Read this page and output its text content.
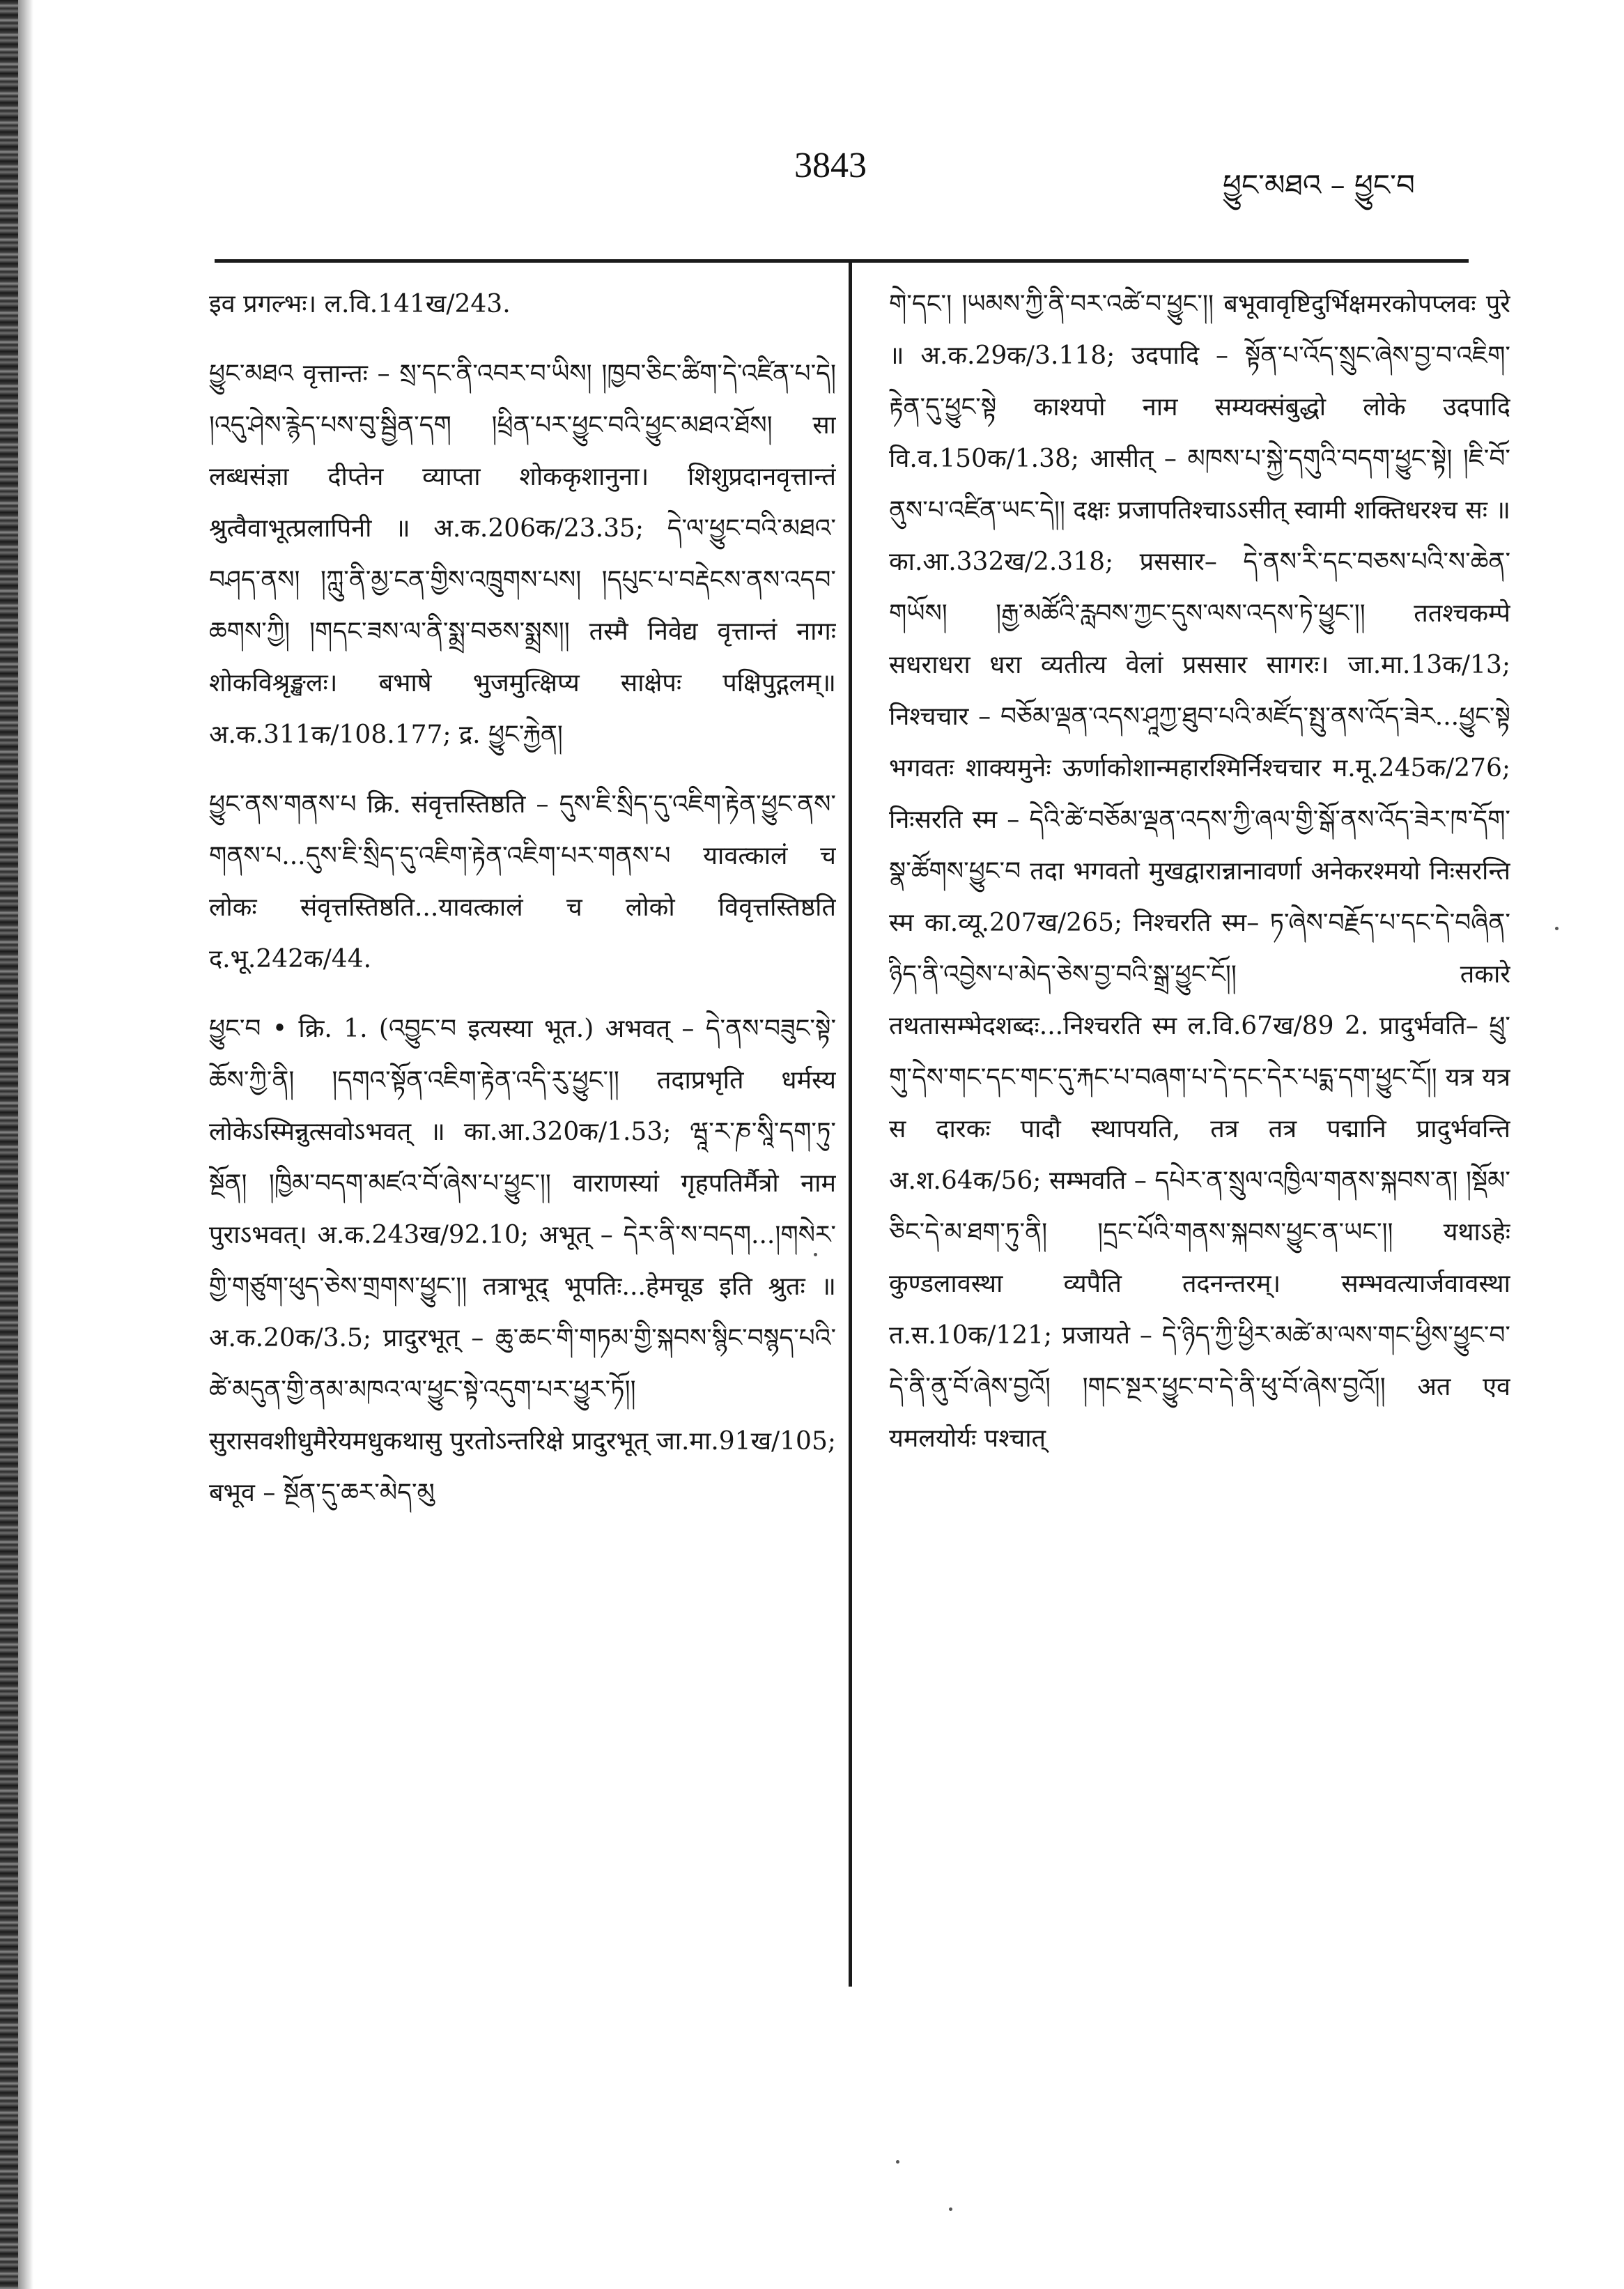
3843	ཕྱུང་མཐའ – ཕྱུང་བ

इव प्रगल्भः। ल.वि.141ख/243.

ཕྱུང་མཐའ वृत्तान्तः – སྲ་དང་ནི་འབར་བ་ཡིས། །ཁྱབ་ཅིང་ཚིག་དེ་འཛིན་པ་དེ། །འདུ་ཤེས་རྙེད་པས་བུ་སྦྱིན་དག །ཕྲིན་པར་ཕྱུང་བའི་ཕྱུང་མཐའ་ཐོས། सा लब्धसंज्ञा दीप्तेन व्याप्ता शोककृशानुना। शिशुप्रदानवृत्तान्तं श्रुत्वैवाभूत्प्रलापिनी ॥ अ.क.206क/23.35; དེ་ལ་ཕྱུང་བའི་མཐའ་བཤད་ནས། །ཀླུ་ནི་མྱ་ངན་གྱིས་འཁྲུགས་པས། །དཔུང་པ་བརྡེངས་ནས་འདབ་ཆགས་ཀྱི། །གདང་ཟས་ལ་ནི་སྨྲ་བཅས་སྨྲས།། तस्मै निवेद्य वृत्तान्तं नागः शोकविश्रृङ्खलः। बभाषे भुजमुत्क्षिप्य साक्षेपः पक्षिपुद्गलम्॥ अ.क.311क/108.177; द्र. ཕྱུང་རྐྱེན།

ཕྱུང་ནས་གནས་པ क्रि. संवृत्तस्तिष्ठति – དུས་ཇི་སྲིད་དུ་འཇིག་རྟེན་ཕྱུང་ནས་གནས་པ...དུས་ཇི་སྲིད་དུ་འཇིག་རྟེན་འཇིག་པར་གནས་པ यावत्कालं च लोकः संवृत्तस्तिष्ठति...यावत्कालं च लोको विवृत्तस्तिष्ठति द.भू.242क/44.

ཕྱུང་བ • क्रि. 1. (འབྱུང་བ इत्यस्या भूत.) अभवत् – དེ་ནས་བཟུང་སྟེ་ཆོས་ཀྱི་ནི། །དགའ་སྟོན་འཇིག་རྟེན་འདི་རུ་ཕྱུང་།། तदाप्रभृति धर्मस्य लोकेऽस्मिन्नुत्सवोऽभवत् ॥ का.आ.320क/1.53; ཝཱ་ར་ཎ་སཱི་དག་ཏུ་སྔོན། །ཁྱིམ་བདག་མཛའ་བོ་ཞེས་པ་ཕྱུང་།། वाराणस्यां गृहपतिर्मैत्रो नाम पुराऽभवत्। अ.क.243ख/92.10; अभूत् – དེར་ནི་ས་བདག...།གསེར་གྱི་གཙུག་ཕུད་ཅེས་གྲགས་ཕྱུང་།། तत्राभूद् भूपतिः...हेमचूड इति श्रुतः ॥ अ.क.20क/3.5; प्रादुरभूत् – ཆུ་ཆང་གི་གཏམ་གྱི་སྐབས་སྙིང་བསྙད་པའི་ཚེ་མདུན་གྱི་ནམ་མཁའ་ལ་ཕྱུང་སྟེ་འདུག་པར་ཕྱུར་ཏོ།། सुरासवशीधुमैरेयमधुकथासु पुरतोऽन्तरिक्षे प्रादुरभूत् जा.मा.91ख/105; बभूव – སྔོན་དུ་ཆར་མེད་མུ

གེ་དང་། །ཡམས་ཀྱི་ནི་བར་འཚེ་བ་ཕྱུང་།། बभूवावृष्टिदुर्भिक्षमरकोपप्लवः पुरे ॥ अ.क.29क/3.118; उदपादि – སྟོན་པ་འོད་སྲུང་ཞེས་བྱ་བ་འཇིག་རྟེན་དུ་ཕྱུང་སྟེ काश्यपो नाम सम्यक्संबुद्धो लोके उदपादि वि.व.150क/1.38; आसीत् – མཁས་པ་སྐྱེ་དགུའི་བདག་ཕྱུང་སྟེ། །ཇི་བོ་ནུས་པ་འཛིན་ཡང་དེ།། दक्षः प्रजापतिश्चाऽऽसीत् स्वामी शक्तिधरश्च सः ॥ का.आ.332ख/2.318; प्रससार– དེ་ནས་རི་དང་བཅས་པའི་ས་ཆེན་གཡོས། །རྒྱ་མཚོའི་རླབས་ཀྱང་དུས་ལས་འདས་ཏེ་ཕྱུང་།། ततश्चकम्पे सधराधरा धरा व्यतीत्य वेलां प्रससार सागरः। जा.मा.13क/13; निश्चचार – བཅོམ་ལྡན་འདས་ཤཱཀྱ་ཐུབ་པའི་མཛོད་སྤུ་ནས་འོད་ཟེར...ཕྱུང་སྟེ भगवतः शाक्यमुनेः ऊर्णाकोशान्महारश्मिर्निश्चचार म.मू.245क/276; निःसरति स्म – དེའི་ཚེ་བཅོམ་ལྡན་འདས་ཀྱི་ཞལ་གྱི་སྒོ་ནས་འོད་ཟེར་ཁ་དོག་སྣ་ཚོགས་ཕྱུང་བ तदा भगवतो मुखद्वारान्नानावर्णा अनेकरश्मयो निःसरन्ति स्म का.व्यू.207ख/265; निश्चरति स्म– ཏ་ཞེས་བརྗོད་པ་དང་དེ་བཞིན་ཉིད་ནི་འབྱེས་པ་མེད་ཅེས་བྱ་བའི་སྒྲ་ཕྱུང་ངོ།། तकारे तथतासम्भेदशब्दः...निश्चरति स्म ल.वि.67ख/89 2. प्रादुर्भवति– ཕྲུ་གུ་དེས་གང་དང་གང་དུ་རྐང་པ་བཞག་པ་དེ་དང་དེར་པདྨ་དག་ཕྱུང་ངོ།། यत्र यत्र स दारकः पादौ स्थापयति, तत्र तत्र पद्मानि प्रादुर्भवन्ति अ.श.64क/56; सम्भवति – དཔེར་ན་སྲུལ་འཁྱིལ་གནས་སྐབས་ན། །སྡོམ་ཅིང་དེ་མ་ཐག་ཏུ་ནི། །དྲང་པོའི་གནས་སྐབས་ཕྱུང་ན་ཡང་།། यथाऽहेः कुण्डलावस्था व्यपैति तदनन्तरम्। सम्भवत्यार्जवावस्था त.स.10क/121; प्रजायते – དེ་ཉིད་ཀྱི་ཕྱིར་མཚེ་མ་ལས་གང་ཕྱིས་ཕྱུང་བ་དེ་ནི་ནུ་བོ་ཞེས་བྱའོ། །གང་སྔར་ཕྱུང་བ་དེ་ནི་ཕུ་བོ་ཞེས་བྱའོ།། अत एव यमलयोर्यः पश्चात्
